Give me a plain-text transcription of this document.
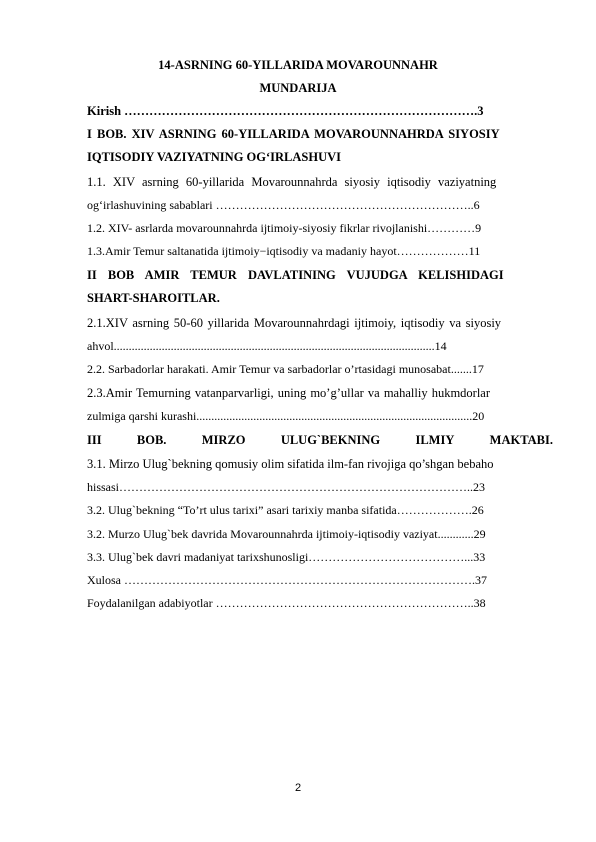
14-ASRNING 60-YILLARIDA MOVAROUNNAHR
MUNDARIJA
Kirish ………………………………………………………………………….3
I BOB. XIV ASRNING 60-YILLARIDA MOVAROUNNAHRDA SIYOSIY
IQTISODIY VAZIYATNING OG‘IRLASHUVI
1.1. XIV asrning 60-yillarida Movarounnahrda siyosiy iqtisodiy vaziyatning
og‘irlashuvining sabablari ………………………………………………………..6
1.2. XIV- asrlarda movarounnahrda ijtimoiy-siyosiy fikrlar rivojlanishi…………9
1.3.Amir Temur saltanatida ijtimoiy−iqtisodiy va madaniy hayot………………11
II BOB AMIR TEMUR DAVLATINING VUJUDGA KELISHIDAGI
SHART-SHAROITLAR.
2.1.XIV asrning 50-60 yillarida Movarounnahrdagi ijtimoiy, iqtisodiy va siyosiy
ahvol...........................................................................................................14
2.2. Sarbadorlar harakati. Amir Temur va sarbadorlar o’rtasidagi munosabat.......17
2.3.Amir Temurning vatanparvarligi, uning mo’g’ullar va mahalliy hukmdorlar
zulmiga qarshi kurashi............................................................................................20
III	BOB.	MIRZO	ULUG`BEKNING	ILMIY	MAKTABI.
3.1. Mirzo Ulug`bekning qomusiy olim sifatida ilm-fan rivojiga qo’shgan bebaho
hissasi……………………………………………………………………………..23
3.2. Ulug`bekning “To’rt ulus tarixi” asari tarixiy manba sifatida……………….26
3.2. Murzo Ulug`bek davrida Movarounnahrda ijtimoiy-iqtisodiy vaziyat............29
3.3. Ulug`bek davri madaniyat tarixshunosligi…………………………………...33
Xulosa …………………………………………………………………………….37
Foydalanilgan adabiyotlar ………………………………………………………..38
2
